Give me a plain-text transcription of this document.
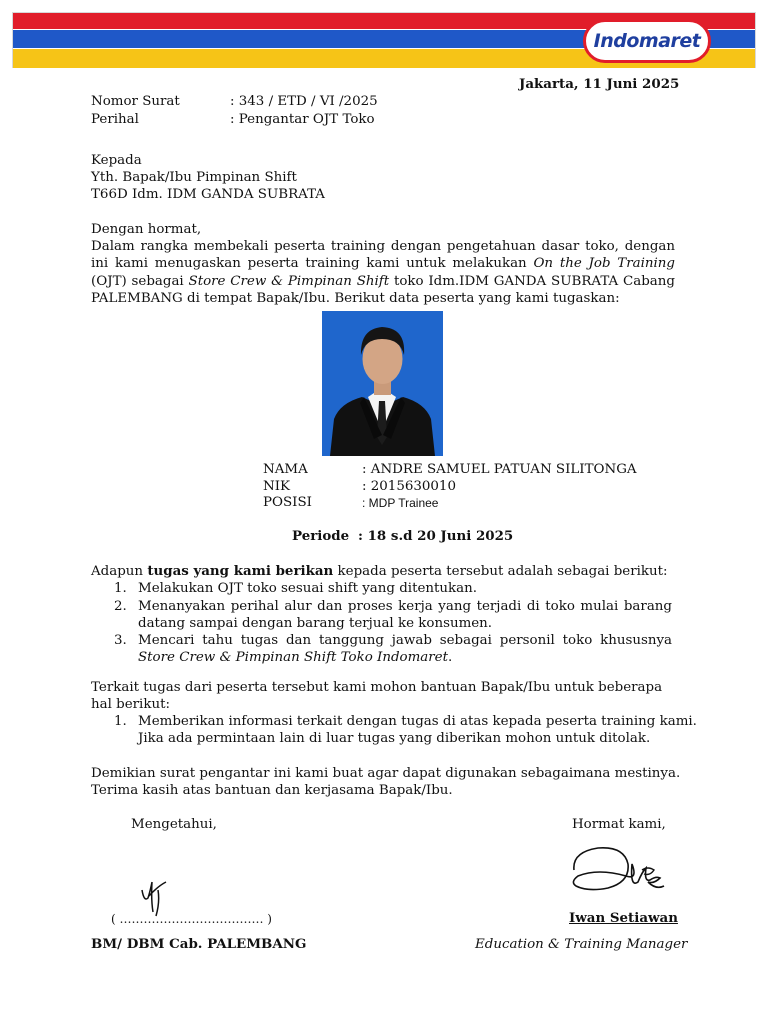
Indomaret
Jakarta, 11 Juni 2025
Nomor Surat	: 343 / ETD / VI /2025
Perihal	: Pengantar OJT Toko
Kepada
Yth. Bapak/Ibu Pimpinan Shift
T66D Idm. IDM GANDA SUBRATA
Dengan hormat,
Dalam rangka membekali peserta training dengan pengetahuan dasar toko, dengan ini kami menugaskan peserta training kami untuk melakukan On the Job Training (OJT) sebagai Store Crew & Pimpinan Shift toko Idm.IDM GANDA SUBRATA Cabang PALEMBANG di tempat Bapak/Ibu. Berikut data peserta yang kami tugaskan:
NAMA	: ANDRE SAMUEL PATUAN SILITONGA
NIK	: 2015630010
POSISI	: MDP Trainee
Periode : 18 s.d 20 Juni 2025
Adapun tugas yang kami berikan kepada peserta tersebut adalah sebagai berikut:
1. Melakukan OJT toko sesuai shift yang ditentukan.
2. Menanyakan perihal alur dan proses kerja yang terjadi di toko mulai barang datang sampai dengan barang terjual ke konsumen.
3. Mencari tahu tugas dan tanggung jawab sebagai personil toko khususnya Store Crew & Pimpinan Shift Toko Indomaret.
Terkait tugas dari peserta tersebut kami mohon bantuan Bapak/Ibu untuk beberapa hal berikut:
1. Memberikan informasi terkait dengan tugas di atas kepada peserta training kami.
Jika ada permintaan lain di luar tugas yang diberikan mohon untuk ditolak.
Demikian surat pengantar ini kami buat agar dapat digunakan sebagaimana mestinya.
Terima kasih atas bantuan dan kerjasama Bapak/Ibu.
Mengetahui,
( ……………………………… )
BM/ DBM Cab. PALEMBANG
Hormat kami,
Iwan Setiawan
Education & Training Manager
